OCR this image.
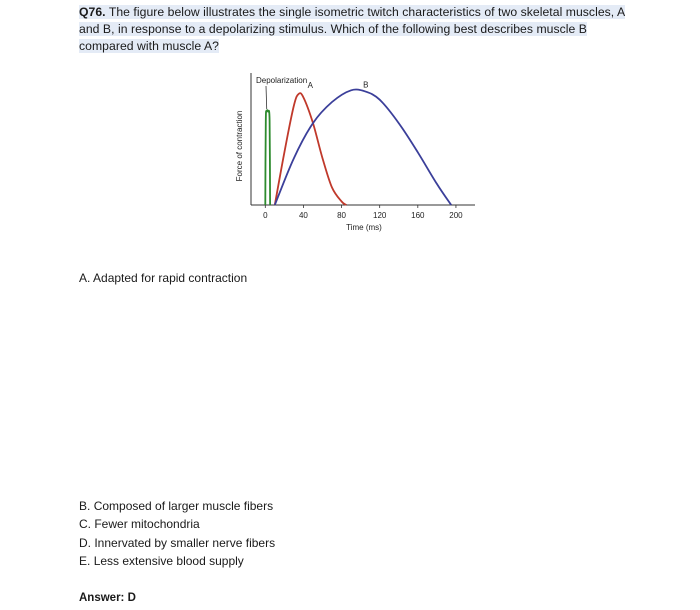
Q76. The figure below illustrates the single isometric twitch characteristics of two skeletal muscles, A
and B, in response to a depolarizing stimulus. Which of the following best describes muscle B
compared with muscle A?
Force of contraction
0	40	80	120	160	200
Depolarization
A	B
Time (ms)
A. Adapted for rapid contraction
B. Composed of larger muscle fibers
C. Fewer mitochondria
D. Innervated by smaller nerve fibers
E. Less extensive blood supply
Answer: D
